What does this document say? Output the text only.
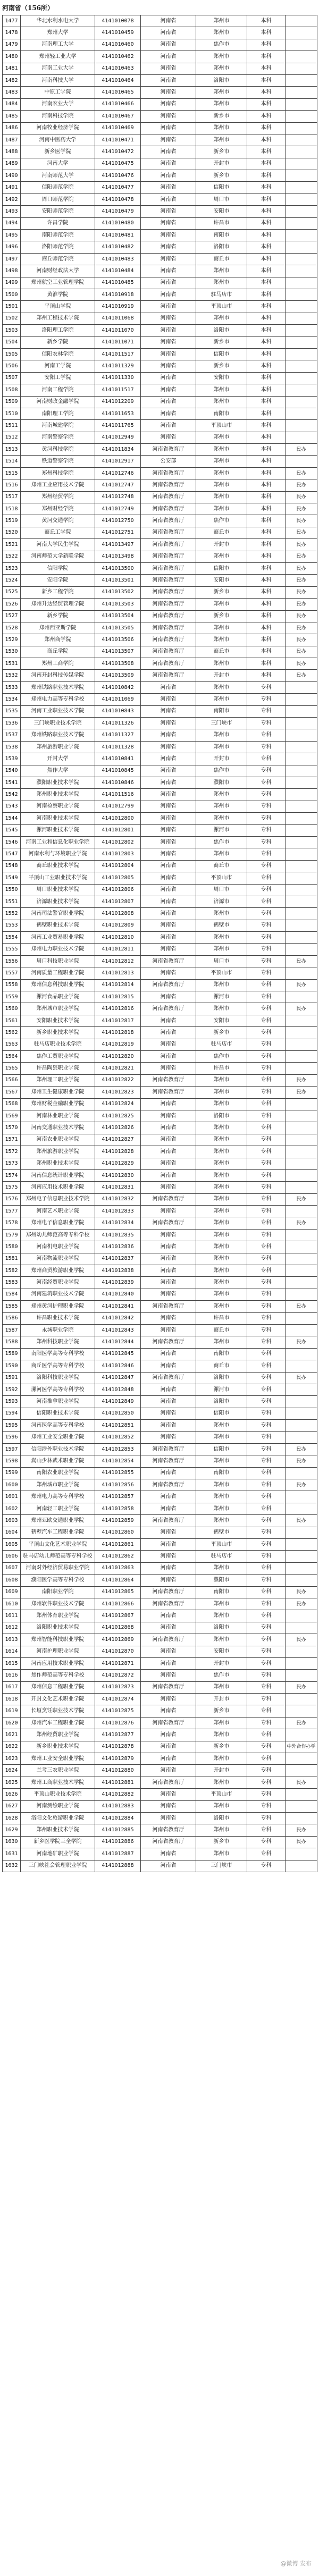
河南省（156所）
1477	华北水利水电大学	4141010078	河南省	郑州市	本科	
1478	郑州大学	4141010459	河南省	郑州市	本科	
1479	河南理工大学	4141010460	河南省	焦作市	本科	
1480	郑州轻工业大学	4141010462	河南省	郑州市	本科	
1481	河南工业大学	4141010463	河南省	郑州市	本科	
1482	河南科技大学	4141010464	河南省	洛阳市	本科	
1483	中原工学院	4141010465	河南省	郑州市	本科	
1484	河南农业大学	4141010466	河南省	郑州市	本科	
1485	河南科技学院	4141010467	河南省	新乡市	本科	
1486	河南牧业经济学院	4141010469	河南省	郑州市	本科	
1487	河南中医药大学	4141010471	河南省	郑州市	本科	
1488	新乡医学院	4141010472	河南省	新乡市	本科	
1489	河南大学	4141010475	河南省	开封市	本科	
1490	河南师范大学	4141010476	河南省	新乡市	本科	
1491	信阳师范学院	4141010477	河南省	信阳市	本科	
1492	周口师范学院	4141010478	河南省	周口市	本科	
1493	安阳师范学院	4141010479	河南省	安阳市	本科	
1494	许昌学院	4141010480	河南省	许昌市	本科	
1495	南阳师范学院	4141010481	河南省	南阳市	本科	
1496	洛阳师范学院	4141010482	河南省	洛阳市	本科	
1497	商丘师范学院	4141010483	河南省	商丘市	本科	
1498	河南财经政法大学	4141010484	河南省	郑州市	本科	
1499	郑州航空工业管理学院	4141010485	河南省	郑州市	本科	
1500	黄淮学院	4141010918	河南省	驻马店市	本科	
1501	平顶山学院	4141010919	河南省	平顶山市	本科	
1502	郑州工程技术学院	4141011068	河南省	郑州市	本科	
1503	洛阳理工学院	4141011070	河南省	洛阳市	本科	
1504	新乡学院	4141011071	河南省	新乡市	本科	
1505	信阳农林学院	4141011517	河南省	信阳市	本科	
1506	河南工学院	4141011329	河南省	新乡市	本科	
1507	安阳工学院	4141011330	河南省	安阳市	本科	
1508	河南工程学院	4141011517	河南省	郑州市	本科	
1509	河南财政金融学院	4141012209	河南省	郑州市	本科	
1510	南阳理工学院	4141011653	河南省	南阳市	本科	
1511	河南城建学院	4141011765	河南省	平顶山市	本科	
1512	河南警察学院	4141012949	河南省	郑州市	本科	
1513	黄河科技学院	4141011834	河南省教育厅	郑州市	本科	民办
1514	铁道警察学院	4141012917	公安部	郑州市	本科	
1515	郑州科技学院	4141012746	河南省教育厅	郑州市	本科	民办
1516	郑州工业应用技术学院	4141012747	河南省教育厅	郑州市	本科	民办
1517	郑州经贸学院	4141012748	河南省教育厅	郑州市	本科	民办
1518	郑州财经学院	4141012749	河南省教育厅	郑州市	本科	民办
1519	黄河交通学院	4141012750	河南省教育厅	焦作市	本科	民办
1520	商丘工学院	4141012751	河南省教育厅	商丘市	本科	民办
1521	河南大学民生学院	4141013497	河南省教育厅	开封市	本科	民办
1522	河南师范大学新联学院	4141013498	河南省教育厅	郑州市	本科	民办
1523	信阳学院	4141013500	河南省教育厅	信阳市	本科	民办
1524	安阳学院	4141013501	河南省教育厅	安阳市	本科	民办
1525	新乡工程学院	4141013502	河南省教育厅	新乡市	本科	民办
1526	郑州升达经贸管理学院	4141013503	河南省教育厅	郑州市	本科	民办
1527	新乡学院	4141013504	河南省教育厅	新乡市	本科	民办
1528	郑州西亚斯学院	4141013505	河南省教育厅	郑州市	本科	民办
1529	郑州商学院	4141013506	河南省教育厅	郑州市	本科	民办
1530	商丘学院	4141013507	河南省教育厅	商丘市	本科	民办
1531	郑州工商学院	4141013508	河南省教育厅	郑州市	本科	民办
1532	河南开封科技传媒学院	4141013509	河南省教育厅	开封市	本科	民办
1533	郑州铁路职业技术学院	4141010842	河南省	郑州市	专科	
1534	郑州电力高等专科学校	4141011069	河南省	郑州市	专科	
1535	河南工业职业技术学院	4141010843	河南省	南阳市	专科	
1536	三门峡职业技术学院	4141011326	河南省	三门峡市	专科	
1537	郑州铁路职业技术学院	4141011327	河南省	郑州市	专科	
1538	郑州旅游职业学院	4141011328	河南省	郑州市	专科	
1539	开封大学	4141010841	河南省	开封市	专科	
1540	焦作大学	4141010845	河南省	焦作市	专科	
1541	濮阳职业技术学院	4141010846	河南省	濮阳市	专科	
1542	郑州职业技术学院	4141011516	河南省	郑州市	专科	
1543	河南检察职业学院	4141012799	河南省	郑州市	专科	
1544	河南职业技术学院	4141012800	河南省	郑州市	专科	
1545	漯河职业技术学院	4141012801	河南省	漯河市	专科	
1546	河南工业和信息化职业学院	4141012802	河南省	焦作市	专科	
1547	河南水利与环境职业学院	4141012803	河南省	郑州市	专科	
1548	商丘职业技术学院	4141012804	河南省	商丘市	专科	
1549	平顶山工业职业技术学院	4141012805	河南省	平顶山市	专科	
1550	周口职业技术学院	4141012806	河南省	周口市	专科	
1551	济源职业技术学院	4141012807	河南省	济源市	专科	
1552	河南司法警官职业学院	4141012808	河南省	郑州市	专科	
1553	鹤壁职业技术学院	4141012809	河南省	鹤壁市	专科	
1554	河南工业贸易职业学院	4141012810	河南省	郑州市	专科	
1555	郑州电力职业技术学院	4141012811	河南省	郑州市	专科	
1556	周口科技职业学院	4141012812	河南省教育厅	周口市	专科	民办
1557	河南质量工程职业学院	4141012813	河南省	平顶山市	专科	
1558	郑州信息科技职业学院	4141012814	河南省教育厅	郑州市	专科	民办
1559	漯河食品职业学院	4141012815	河南省	漯河市	专科	
1560	郑州城市职业学院	4141012816	河南省教育厅	郑州市	专科	民办
1561	安阳职业技术学院	4141012817	河南省	安阳市	专科	
1562	新乡职业技术学院	4141012818	河南省	新乡市	专科	
1563	驻马店职业技术学院	4141012819	河南省	驻马店市	专科	
1564	焦作工贸职业学院	4141012820	河南省	焦作市	专科	
1565	许昌陶瓷职业学院	4141012821	河南省	许昌市	专科	
1566	郑州理工职业学院	4141012822	河南省教育厅	郑州市	专科	民办
1567	郑州卫生健康职业学院	4141012823	河南省教育厅	郑州市	专科	民办
1568	郑州财税金融职业学院	4141012824	河南省	郑州市	专科	
1569	河南林业职业学院	4141012825	河南省	洛阳市	专科	
1570	河南交通职业技术学院	4141012826	河南省	郑州市	专科	
1571	河南农业职业学院	4141012827	河南省	郑州市	专科	
1572	郑州旅游职业学院	4141012828	河南省	郑州市	专科	
1573	郑州职业技术学院	4141012829	河南省	郑州市	专科	
1574	河南信息统计职业学院	4141012830	河南省	郑州市	专科	
1575	河南应用技术职业学院	4141012831	河南省	郑州市	专科	
1576	郑州电子信息职业技术学院	4141012832	河南省教育厅	郑州市	专科	民办
1577	河南艺术职业学院	4141012833	河南省	郑州市	专科	
1578	郑州电子信息职业学院	4141012834	河南省教育厅	郑州市	专科	民办
1579	郑州幼儿师范高等专科学校	4141012835	河南省	郑州市	专科	
1580	河南机电职业学院	4141012836	河南省	郑州市	专科	
1581	河南物流职业学院	4141012837	河南省	郑州市	专科	
1582	郑州商贸旅游职业学院	4141012838	河南省	郑州市	专科	
1583	河南经贸职业学院	4141012839	河南省	郑州市	专科	
1584	河南建筑职业技术学院	4141012840	河南省	郑州市	专科	
1585	郑州黄河护理职业学院	4141012841	河南省教育厅	郑州市	专科	民办
1586	许昌职业技术学院	4141012842	河南省	许昌市	专科	
1587	永城职业学院	4141012843	河南省	商丘市	专科	
1588	郑州科技职业学院	4141012844	河南省教育厅	郑州市	专科	民办
1589	南阳医学高等专科学校	4141012845	河南省	南阳市	专科	
1590	商丘医学高等专科学校	4141012846	河南省	商丘市	专科	
1591	洛阳科技职业学院	4141012847	河南省教育厅	洛阳市	专科	民办
1592	漯河医学高等专科学校	4141012848	河南省	漯河市	专科	
1593	河南推拿职业学院	4141012849	河南省	洛阳市	专科	
1594	信阳职业技术学院	4141012850	河南省	信阳市	专科	
1595	河南医学高等专科学校	4141012851	河南省	郑州市	专科	
1596	郑州工业安全职业学院	4141012852	河南省	郑州市	专科	
1597	信阳涉外职业技术学院	4141012853	河南省教育厅	信阳市	专科	民办
1598	嵩山少林武术职业学院	4141012854	河南省教育厅	郑州市	专科	民办
1599	南阳农业职业学院	4141012855	河南省	南阳市	专科	
1600	郑州城市职业学院	4141012856	河南省教育厅	郑州市	专科	民办
1601	郑州电力高等专科学校	4141012857	河南省	郑州市	专科	
1602	河南轻工职业学院	4141012858	河南省	郑州市	专科	
1603	郑州亚欧交通职业学院	4141012859	河南省教育厅	郑州市	专科	民办
1604	鹤壁汽车工程职业学院	4141012860	河南省	鹤壁市	专科	
1605	平顶山文化艺术职业学院	4141012861	河南省	平顶山市	专科	
1606	驻马店幼儿师范高等专科学校	4141012862	河南省	驻马店市	专科	
1607	河南对外经济贸易职业学院	4141012863	河南省	郑州市	专科	
1608	濮阳医学高等专科学校	4141012864	河南省	濮阳市	专科	
1609	南阳职业学院	4141012865	河南省教育厅	南阳市	专科	民办
1610	郑州软件职业技术学院	4141012866	河南省教育厅	郑州市	专科	民办
1611	郑州体育职业学院	4141012867	河南省	郑州市	专科	
1612	洛阳职业技术学院	4141012868	河南省	洛阳市	专科	
1613	郑州智能科技职业学院	4141012869	河南省教育厅	郑州市	专科	民办
1614	河南护理职业学院	4141012870	河南省	安阳市	专科	
1615	河南应用技术职业学院	4141012871	河南省	开封市	专科	
1616	焦作师范高等专科学校	4141012872	河南省	焦作市	专科	
1617	郑州信息工程职业学院	4141012873	河南省教育厅	郑州市	专科	民办
1618	开封文化艺术职业学院	4141012874	河南省	开封市	专科	
1619	长垣烹饪职业技术学院	4141012875	河南省	新乡市	专科	
1620	郑州汽车工程职业学院	4141012876	河南省教育厅	郑州市	专科	民办
1621	郑州经贸职业学院	4141012877	河南省	郑州市	专科	
1622	新乡职业技术学院	4141012878	河南省	新乡市	专科	中外合作办学
1623	郑州工业安全职业学院	4141012879	河南省	郑州市	专科	
1624	兰考三农职业学院	4141012880	河南省	开封市	专科	
1625	郑州工商职业技术学院	4141012881	河南省教育厅	郑州市	专科	民办
1626	平顶山职业技术学院	4141012882	河南省	平顶山市	专科	
1627	河南测绘职业学院	4141012883	河南省	郑州市	专科	
1628	洛阳文化旅游职业学院	4141012884	河南省	洛阳市	专科	
1629	郑州职业技术学院	4141012885	河南省教育厅	郑州市	专科	民办
1630	新乡医学院三全学院	4141012886	河南省教育厅	新乡市	专科	民办
1631	河南地矿职业学院	4141012887	河南省	郑州市	专科	
1632	三门峡社会管理职业学院	4141012888	河南省	三门峡市	专科	
@微博 发布
